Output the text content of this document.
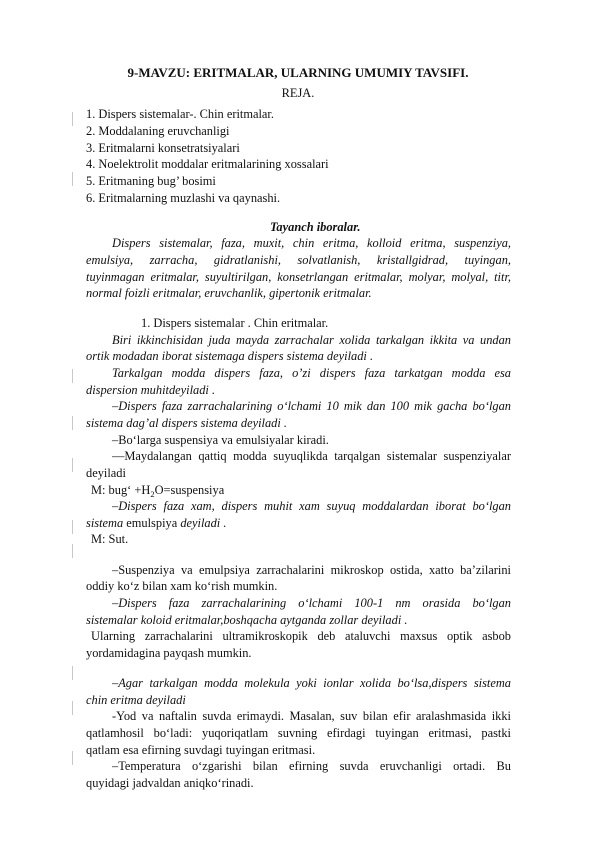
9-MAVZU: ERITMALAR, ULARNING UMUMIY TAVSIFI.
REJA.
1. Dispers sistemalar-. Chin eritmalar.
2. Moddalaning eruvchanligi
3. Eritmalarni konsetratsiyalari
4. Noelektrolit moddalar eritmalarining xossalari
5. Eritmaning bug’ bosimi
6. Eritmalarning muzlashi va qaynashi.
Tayanch iboralar.
Dispers sistemalar, faza, muxit, chin eritma, kolloid eritma, suspenziya,
emulsiya, zarracha, gidratlanishi, solvatlanish, kristallgidrad, tuyingan,
tuyinmagan eritmalar, suyultirilgan, konsetrlangan eritmalar, molyar, molyal, titr,
normal foizli eritmalar, eruvchanlik, gipertonik eritmalar.
1. Dispers sistemalar . Chin eritmalar.
Biri ikkinchisidan juda mayda zarrachalar xolida tarkalgan ikkita va undan
ortik modadan iborat sistemaga dispers sistema deyiladi .
Tarkalgan modda dispers faza, o’zi dispers faza tarkatgan modda esa
dispersion muhitdeyiladi .
–Dispers faza zarrachalarining o‘lchami 10 mik dan 100 mik gacha bo‘lgan
sistema dag’al dispers sistema deyiladi .
–Bo‘larga suspensiya va emulsiyalar kiradi.
—Maydalangan qattiq modda suyuqlikda tarqalgan sistemalar suspenziyalar
deyiladi
M: bug‘ $+H_2O=suspensiya$
–Dispers faza xam, dispers muhit xam suyuq moddalardan iborat bo‘lgan
sistema emulspiya deyiladi .
M: Sut.
–Suspenziya va emulpsiya zarrachalarini mikroskop ostida, xatto ba’zilarini
oddiy ko‘z bilan xam ko‘rish mumkin.
–Dispers faza zarrachalarining o‘lchami 100-1 nm orasida bo‘lgan
sistemalar koloid eritmalar,boshqacha aytganda zollar deyiladi .
Ularning zarrachalarini ultramikroskopik deb ataluvchi maxsus optik asbob
yordamidagina payqash mumkin.
–Agar tarkalgan modda molekula yoki ionlar xolida bo‘lsa,dispers sistema
chin eritma deyiladi
-Yod va naftalin suvda erimaydi. Masalan, suv bilan efir aralashmasida ikki
qatlamhosil bo‘ladi: yuqoriqatlam suvning efirdagi tuyingan eritmasi, pastki
qatlam esa efirning suvdagi tuyingan eritmasi.
–Temperatura o‘zgarishi bilan efirning suvda eruvchanligi ortadi. Bu
quyidagi jadvaldan aniqko‘rinadi.
